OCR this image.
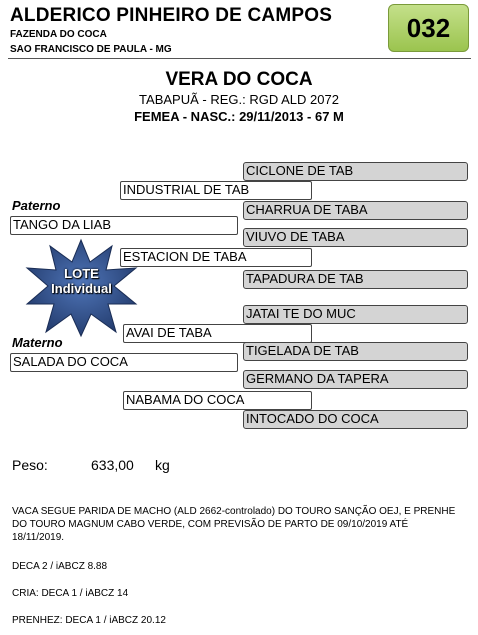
ALDERICO PINHEIRO DE CAMPOS
FAZENDA DO COCA
SAO FRANCISCO DE PAULA - MG
032
VERA DO COCA
TABAPUÃ - REG.: RGD ALD 2072
FEMEA - NASC.: 29/11/2013 - 67 M
Paterno
Materno
TANGO DA LIAB
SALADA DO COCA
INDUSTRIAL DE TAB
ESTACION DE TABA
AVAI DE TABA
NABAMA DO COCA
CICLONE DE TAB
CHARRUA DE TABA
VIUVO DE TABA
TAPADURA DE TAB
JATAI TE DO MUC
TIGELADA DE TAB
GERMANO DA TAPERA
INTOCADO DO COCA
LOTE
Individual
Peso:	633,00 kg
VACA SEGUE PARIDA DE MACHO (ALD 2662-controlado) DO TOURO SANÇÃO OEJ, E PRENHE DO TOURO MAGNUM CABO VERDE, COM PREVISÃO DE PARTO DE 09/10/2019 ATÉ 18/11/2019.
DECA 2 / iABCZ 8.88
CRIA: DECA 1 / iABCZ 14
PRENHEZ: DECA 1 / iABCZ 20.12
